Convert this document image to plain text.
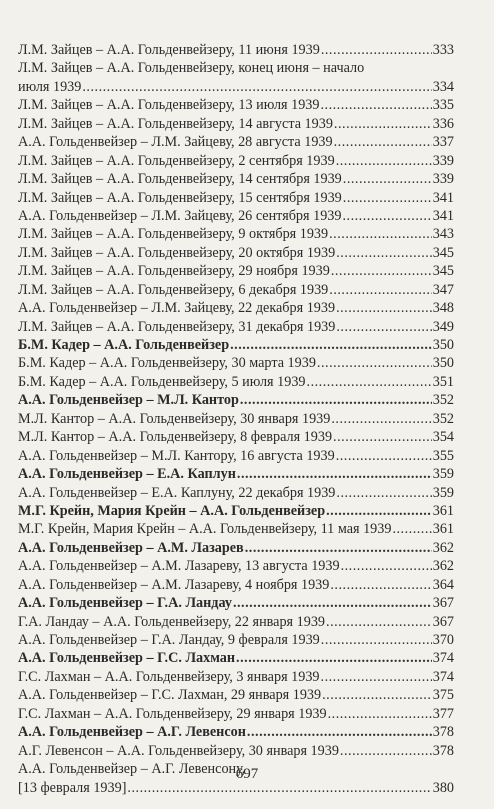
Л.М. Зайцев – А.А. Гольденвейзеру, 11 июня 1939 .....	333
Л.М. Зайцев – А.А. Гольденвейзеру, конец июня – начало
июля 1939 .....	334
Л.М. Зайцев – А.А. Гольденвейзеру, 13 июля 1939 .....	335
Л.М. Зайцев – А.А. Гольденвейзеру, 14 августа 1939 .....	336
А.А. Гольденвейзер – Л.М. Зайцеву, 28 августа 1939 .....	337
Л.М. Зайцев – А.А. Гольденвейзеру, 2 сентября 1939 .....	339
Л.М. Зайцев – А.А. Гольденвейзеру, 14 сентября 1939 .....	339
Л.М. Зайцев – А.А. Гольденвейзеру, 15 сентября 1939 .....	341
А.А. Гольденвейзер – Л.М. Зайцеву, 26 сентября 1939 .....	341
Л.М. Зайцев – А.А. Гольденвейзеру, 9 октября 1939 .....	343
Л.М. Зайцев – А.А. Гольденвейзеру, 20 октября 1939 .....	345
Л.М. Зайцев – А.А. Гольденвейзеру, 29 ноября 1939 .....	345
Л.М. Зайцев – А.А. Гольденвейзеру, 6 декабря 1939 .....	347
А.А. Гольденвейзер – Л.М. Зайцеву, 22 декабря 1939 .....	348
Л.М. Зайцев – А.А. Гольденвейзеру, 31 декабря 1939 .....	349
Б.М. Кадер – А.А. Гольденвейзер .....	350
Б.М. Кадер – А.А. Гольденвейзеру, 30 марта 1939 .....	350
Б.М. Кадер – А.А. Гольденвейзеру, 5 июля 1939 .....	351
А.А. Гольденвейзер – М.Л. Кантор .....	352
М.Л. Кантор – А.А. Гольденвейзеру, 30 января 1939 .....	352
М.Л. Кантор – А.А. Гольденвейзеру, 8 февраля 1939 .....	354
А.А. Гольденвейзер – М.Л. Кантору, 16 августа 1939 .....	355
А.А. Гольденвейзер – Е.А. Каплун .....	359
А.А. Гольденвейзер – Е.А. Каплуну, 22 декабря 1939 .....	359
М.Г. Крейн, Мария Крейн – А.А. Гольденвейзер .....	361
М.Г. Крейн, Мария Крейн – А.А. Гольденвейзеру, 11 мая 1939 .....	361
А.А. Гольденвейзер – А.М. Лазарев .....	362
А.А. Гольденвейзер – А.М. Лазареву, 13 августа 1939 .....	362
А.А. Гольденвейзер – А.М. Лазареву, 4 ноября 1939 .....	364
А.А. Гольденвейзер – Г.А. Ландау .....	367
Г.А. Ландау – А.А. Гольденвейзеру, 22 января 1939 .....	367
А.А. Гольденвейзер – Г.А. Ландау, 9 февраля 1939 .....	370
А.А. Гольденвейзер – Г.С. Лахман .....	374
Г.С. Лахман – А.А. Гольденвейзеру, 3 января 1939 .....	374
А.А. Гольденвейзер – Г.С. Лахман, 29 января 1939 .....	375
Г.С. Лахман – А.А. Гольденвейзеру, 29 января 1939 .....	377
А.А. Гольденвейзер – А.Г. Левенсон .....	378
А.Г. Левенсон – А.А. Гольденвейзеру, 30 января 1939 .....	378
А.А. Гольденвейзер – А.Г. Левенсону,
[13 февраля 1939] .....	380
697
